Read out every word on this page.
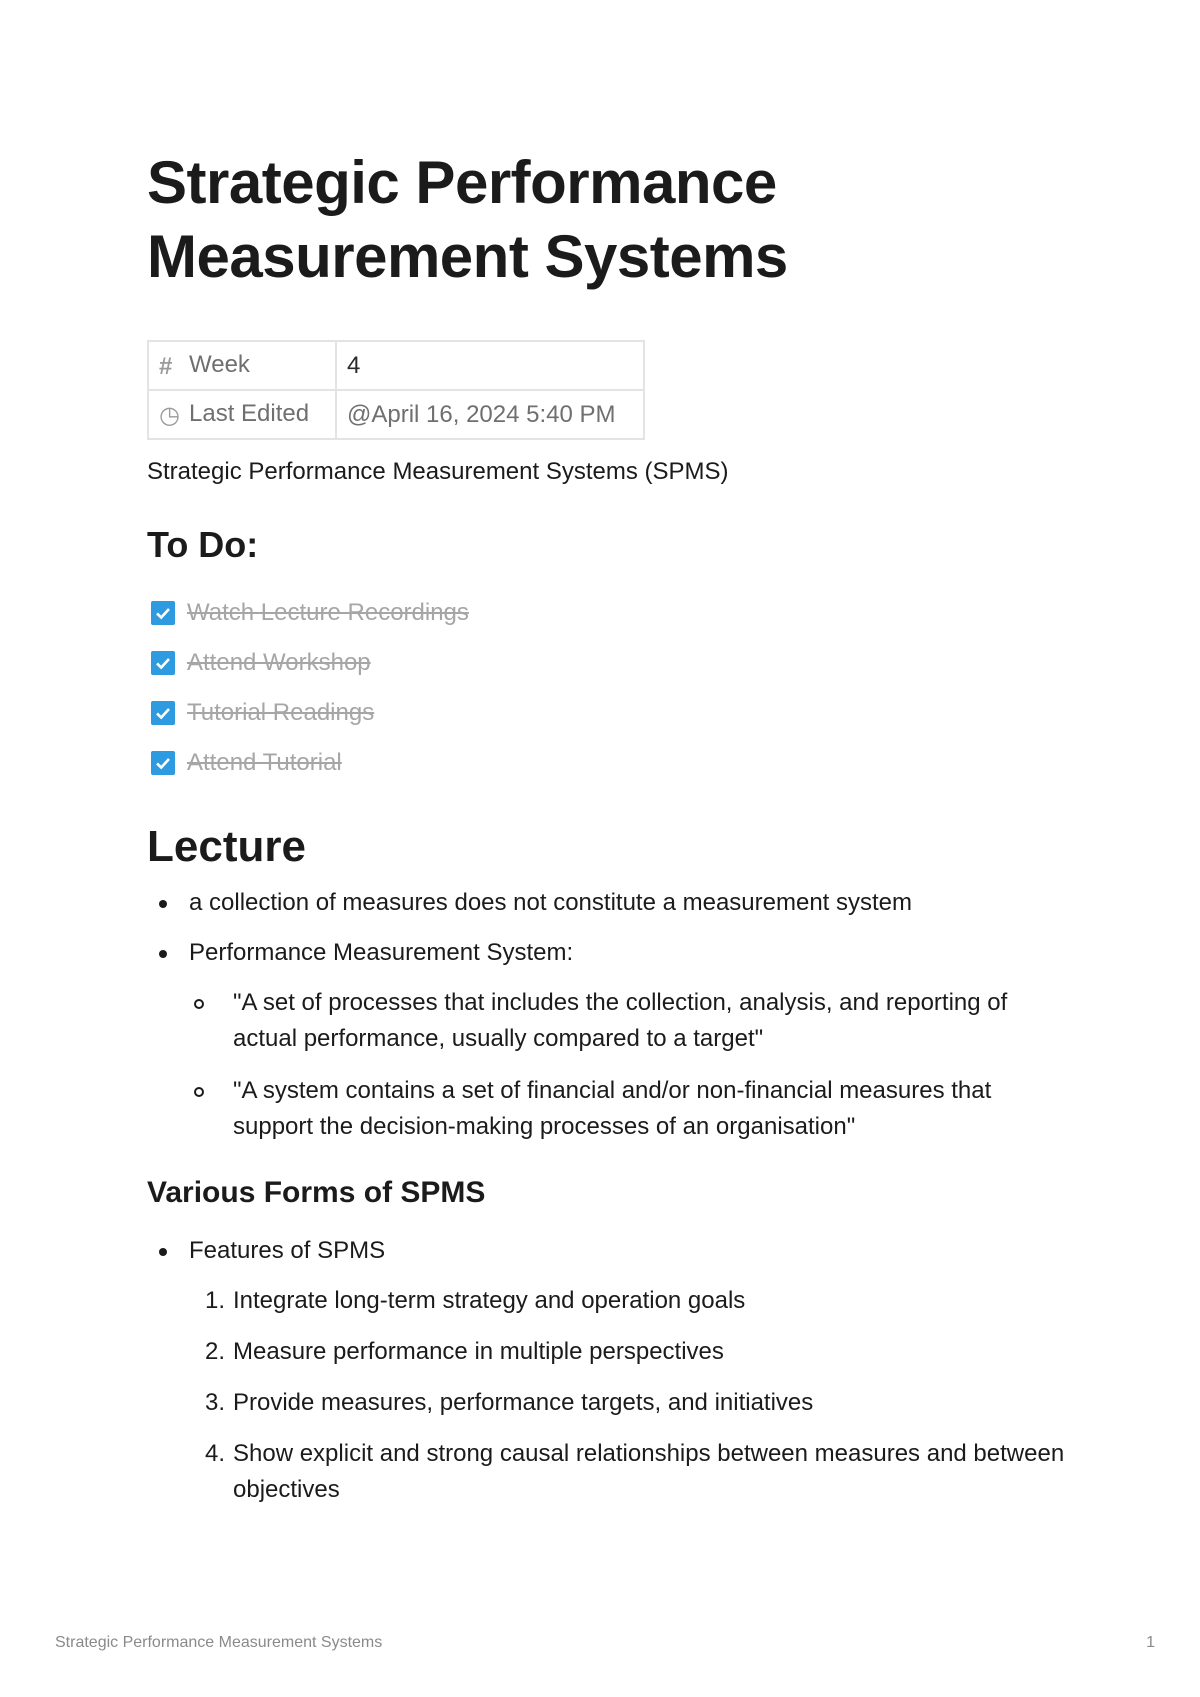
Strategic Performance Measurement Systems
# Week	4
◷ Last Edited	@April 16, 2024 5:40 PM

Strategic Performance Measurement Systems (SPMS)

To Do:
Watch Lecture Recordings
Attend Workshop
Tutorial Readings
Attend Tutorial
Lecture
a collection of measures does not constitute a measurement system
Performance Measurement System:
"A set of processes that includes the collection, analysis, and reporting of actual performance, usually compared to a target"
"A system contains a set of financial and/or non-financial measures that support the decision-making processes of an organisation"
Various Forms of SPMS
Features of SPMS
1. Integrate long-term strategy and operation goals
2. Measure performance in multiple perspectives
3. Provide measures, performance targets, and initiatives
4. Show explicit and strong causal relationships between measures and between objectives
Strategic Performance Measurement Systems	1
